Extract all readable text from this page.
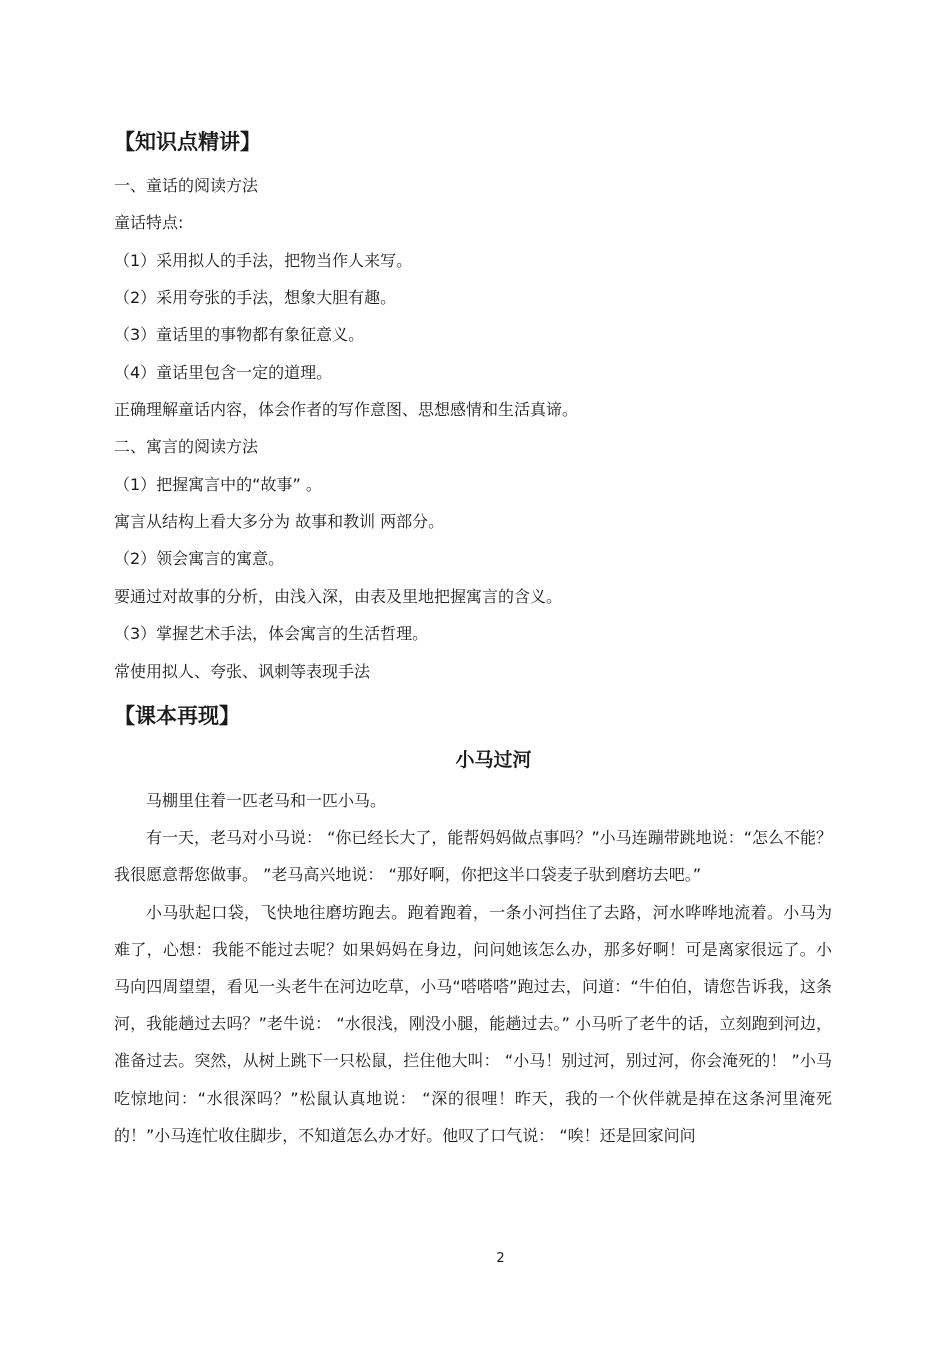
【知识点精讲】

一、童话的阅读方法

童话特点:

（1）采用拟人的手法，把物当作人来写。

（2）采用夸张的手法，想象大胆有趣。

（3）童话里的事物都有象征意义。

（4）童话里包含一定的道理。

正确理解童话内容，体会作者的写作意图、思想感情和生活真谛。

二、寓言的阅读方法

（1）把握寓言中的“故事” 。

寓言从结构上看大多分为 故事和教训 两部分。

（2）领会寓言的寓意。

要通过对故事的分析，由浅入深，由表及里地把握寓言的含义。

（3）掌握艺术手法，体会寓言的生活哲理。

常使用拟人、夸张、讽刺等表现手法

【课本再现】
小马过河

马棚里住着一匹老马和一匹小马。

有一天，老马对小马说： “你已经长大了，能帮妈妈做点事吗？”小马连蹦带跳地说：“怎么不能？我很愿意帮您做事。 ”老马高兴地说： “那好啊，你把这半口袋麦子驮到磨坊去吧。”

小马驮起口袋，飞快地往磨坊跑去。跑着跑着，一条小河挡住了去路，河水哗哗地流着。小马为难了，心想：我能不能过去呢？如果妈妈在身边，问问她该怎么办，那多好啊！可是离家很远了。小马向四周望望，看见一头老牛在河边吃草，小马“嗒嗒嗒”跑过去，问道：“牛伯伯，请您告诉我，这条河，我能趟过去吗？”老牛说： “水很浅，刚没小腿，能趟过去。” 小马听了老牛的话，立刻跑到河边，准备过去。突然，从树上跳下一只松鼠，拦住他大叫： “小马！别过河，别过河，你会淹死的！ ”小马吃惊地问：“水很深吗？”松鼠认真地说： “深的很哩！昨天，我的一个伙伴就是掉在这条河里淹死的！”小马连忙收住脚步，不知道怎么办才好。他叹了口气说： “唉！还是回家问问

2
